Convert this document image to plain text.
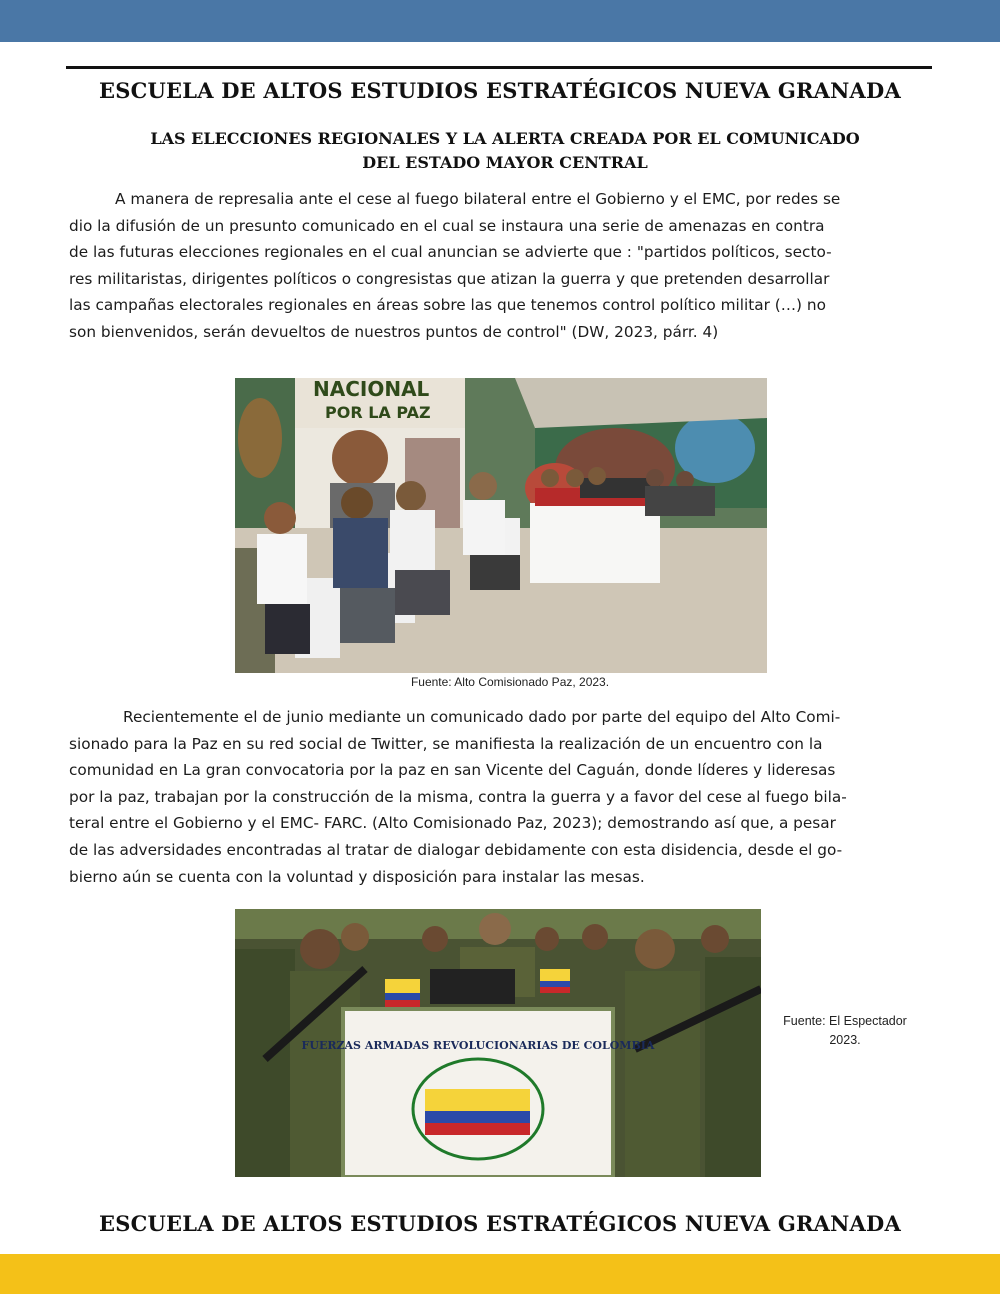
ESCUELA DE ALTOS ESTUDIOS ESTRATÉGICOS NUEVA GRANADA
LAS ELECCIONES REGIONALES Y LA ALERTA CREADA POR EL COMUNICADO
DEL ESTADO MAYOR CENTRAL
A manera de represalia ante el cese al fuego bilateral entre el Gobierno y el EMC, por redes se
dio la difusión de un presunto comunicado en el cual se instaura una serie de amenazas en contra
de las futuras elecciones regionales en el cual anuncian se advierte que : "partidos políticos, secto-
res militaristas, dirigentes políticos o congresistas que atizan la guerra y que pretenden desarrollar
las campañas electorales regionales en áreas sobre las que tenemos control político militar (…) no
son bienvenidos, serán devueltos de nuestros puntos de control" (DW, 2023, párr. 4)
NACIONAL
POR LA PAZ
Fuente: Alto Comisionado Paz, 2023.
Recientemente el de junio mediante un comunicado dado por parte del equipo del Alto Comi-
sionado para la Paz en su red social de Twitter, se manifiesta la realización de un encuentro con la
comunidad en La gran convocatoria por la paz en san Vicente del Caguán, donde líderes y lideresas
por la paz, trabajan por la construcción de la misma, contra la guerra y a favor del cese al fuego bila-
teral entre el Gobierno y el EMC- FARC. (Alto Comisionado Paz, 2023); demostrando así que, a pesar
de las adversidades encontradas al tratar de dialogar debidamente con esta disidencia, desde el go-
bierno aún se cuenta con la voluntad y disposición para instalar las mesas.
FUERZAS ARMADAS REVOLUCIONARIAS DE COLOMBIA
Fuente: El Espectador
2023.
ESCUELA DE ALTOS ESTUDIOS ESTRATÉGICOS NUEVA GRANADA
